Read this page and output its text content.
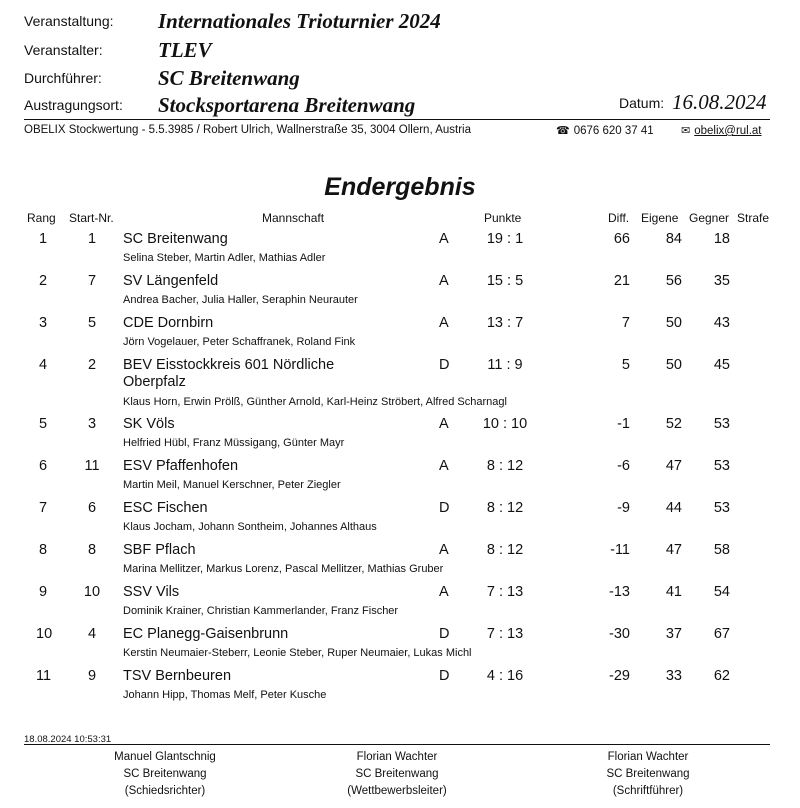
Veranstaltung: Internationales Trioturnier 2024
Veranstalter:	TLEV
Durchführer:	SC Breitenwang
Austragungsort: Stocksportarena Breitenwang	Datum: 16.08.2024
OBELIX Stockwertung - 5.5.3985 / Robert Ulrich, Wallnerstraße 35, 3004 Ollern, Austria	☎ 0676 620 37 41 ✉ obelix@rul.at
Endergebnis
Rang Start-Nr.	Mannschaft	Punkte	Diff. Eigene Gegner Strafe
1	1	SC Breitenwang	A	19 : 1	66	84	18
Selina Steber, Martin Adler, Mathias Adler
2	7	SV Längenfeld	A	15 : 5	21	56	35
Andrea Bacher, Julia Haller, Seraphin Neurauter
3	5	CDE Dornbirn	A	13 : 7	7	50	43
Jörn Vogelauer, Peter Schaffranek, Roland Fink
4	2	BEV Eisstockkreis 601 Nördliche
Oberpfalz
D	11 : 9	5	50	45
Klaus Horn, Erwin Prölß, Günther Arnold, Karl-Heinz Ströbert, Alfred Scharnagl
5	3	SK Völs	A	10 : 10	-1	52	53
Helfried Hübl, Franz Müssigang, Günter Mayr
6	11	ESV Pfaffenhofen	A	8 : 12	-6	47	53
Martin Meil, Manuel Kerschner, Peter Ziegler
7	6	ESC Fischen	D	8 : 12	-9	44	53
Klaus Jocham, Johann Sontheim, Johannes Althaus
8	8	SBF Pflach	A	8 : 12	-11	47	58
Marina Mellitzer, Markus Lorenz, Pascal Mellitzer, Mathias Gruber
9	10 SSV Vils	A	7 : 13	-13	41	54
Dominik Krainer, Christian Kammerlander, Franz Fischer
10	4	EC Planegg-Gaisenbrunn	D	7 : 13	-30	37	67
Kerstin Neumaier-Steberr, Leonie Steber, Ruper Neumaier, Lukas Michl
11	9	TSV Bernbeuren	D	4 : 16	-29	33	62
Johann Hipp, Thomas Melf, Peter Kusche
18.08.2024 10:53:31
Manuel Glantschnig
SC Breitenwang
(Schiedsrichter)
Florian Wachter
SC Breitenwang
(Wettbewerbsleiter)
Florian Wachter
SC Breitenwang
(Schriftführer)
